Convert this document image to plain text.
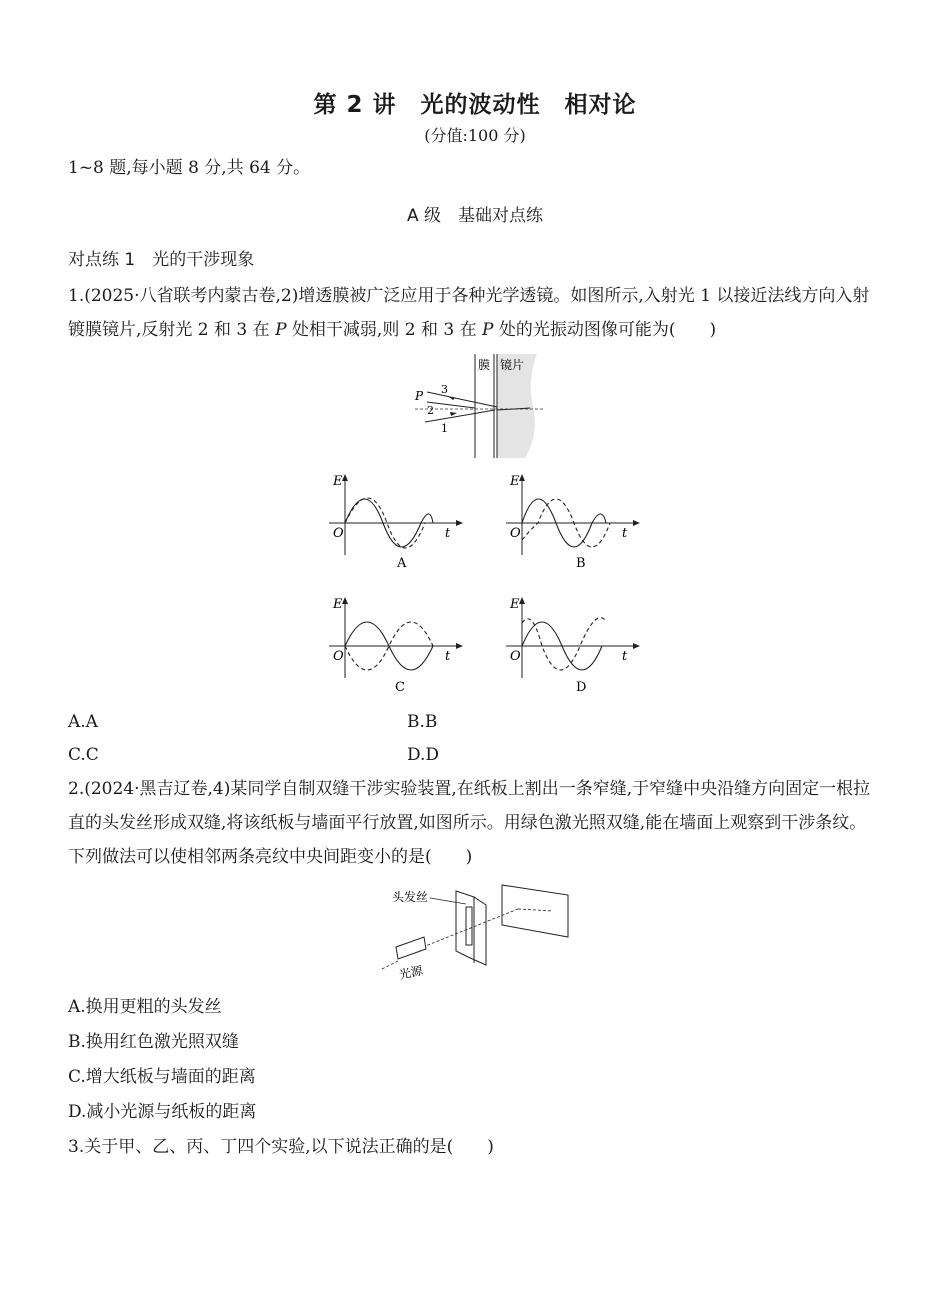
第 2 讲　光的波动性　相对论
(分值:100 分)
1~8 题,每小题 8 分,共 64 分。
A 级　基础对点练
对点练 1　光的干涉现象
1.(2025·八省联考内蒙古卷,2)增透膜被广泛应用于各种光学透镜。如图所示,入射光 1 以接近法线方向入射镀膜镜片,反射光 2 和 3 在 P 处相干减弱,则 2 和 3 在 P 处的光振动图像可能为(　　)
膜 镜片
P 3
2
1
E
O	t
A
E
O	t
B
E
O	t
C
E
O	t
D
A.A	B.B
C.C	D.D
2.(2024·黑吉辽卷,4)某同学自制双缝干涉实验装置,在纸板上割出一条窄缝,于窄缝中央沿缝方向固定一根拉直的头发丝形成双缝,将该纸板与墙面平行放置,如图所示。用绿色激光照双缝,能在墙面上观察到干涉条纹。下列做法可以使相邻两条亮纹中央间距变小的是(　　)
头发丝
光源
A.换用更粗的头发丝
B.换用红色激光照双缝
C.增大纸板与墙面的距离
D.减小光源与纸板的距离
3.关于甲、乙、丙、丁四个实验,以下说法正确的是(　　)
